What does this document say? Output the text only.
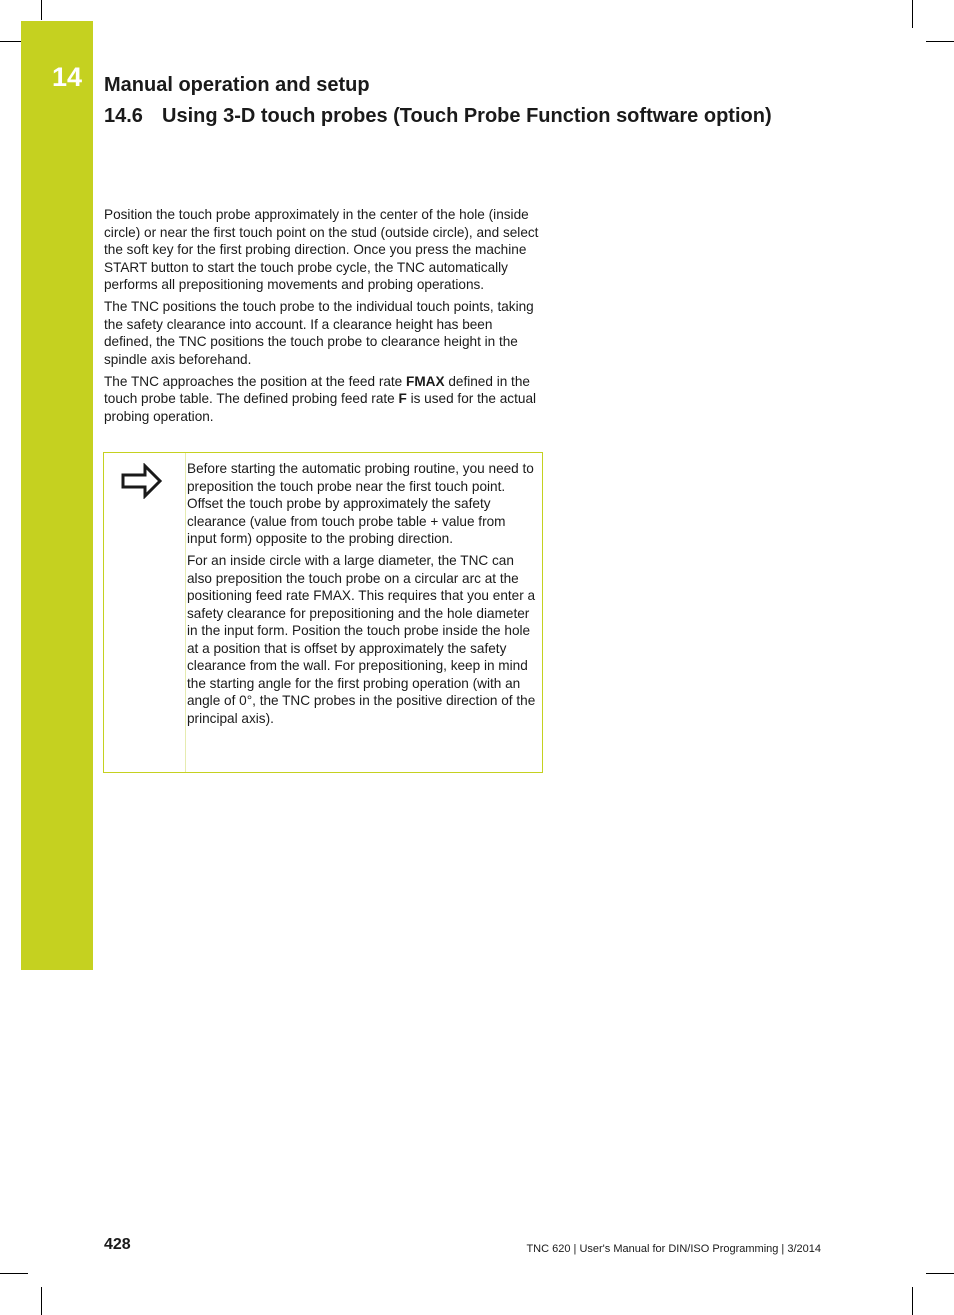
14 Manual operation and setup
14.6 Using 3-D touch probes (Touch Probe Function software option)

Position the touch probe approximately in the center of the hole (inside circle) or near the first touch point on the stud (outside circle), and select the soft key for the first probing direction. Once you press the machine START button to start the touch probe cycle, the TNC automatically performs all prepositioning movements and probing operations.

The TNC positions the touch probe to the individual touch points, taking the safety clearance into account. If a clearance height has been defined, the TNC positions the touch probe to clearance height in the spindle axis beforehand.

The TNC approaches the position at the feed rate FMAX defined in the touch probe table. The defined probing feed rate F is used for the actual probing operation.

Before starting the automatic probing routine, you need to preposition the touch probe near the first touch point. Offset the touch probe by approximately the safety clearance (value from touch probe table + value from input form) opposite to the probing direction.

For an inside circle with a large diameter, the TNC can also preposition the touch probe on a circular arc at the positioning feed rate FMAX. This requires that you enter a safety clearance for prepositioning and the hole diameter in the input form. Position the touch probe inside the hole at a position that is offset by approximately the safety clearance from the wall. For prepositioning, keep in mind the starting angle for the first probing operation (with an angle of 0°, the TNC probes in the positive direction of the principal axis).

428	TNC 620 | User's Manual for DIN/ISO Programming | 3/2014
